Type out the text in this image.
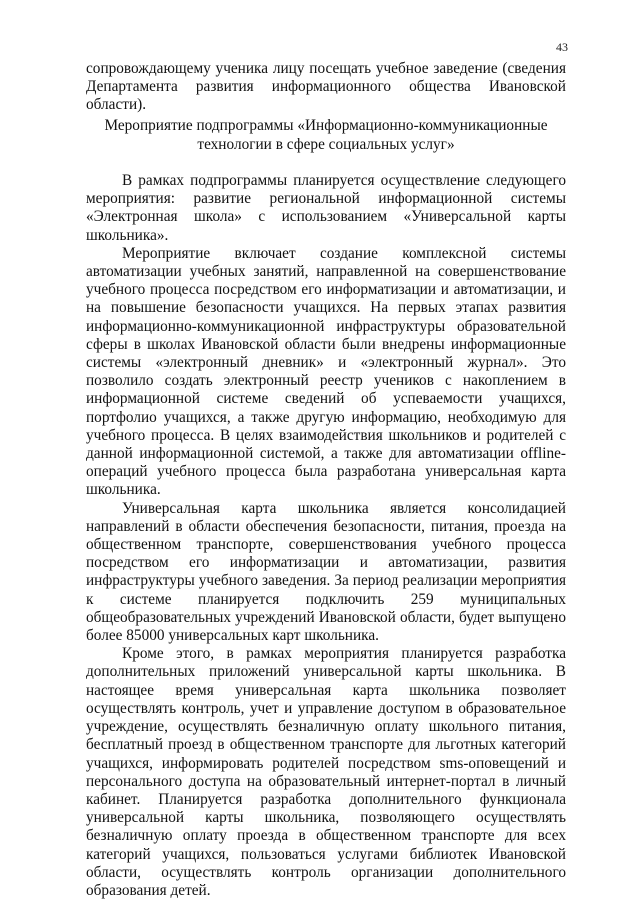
43

сопровождающему ученика лицу посещать учебное заведение (сведения Департамента развития информационного общества Ивановской области).

Мероприятие подпрограммы «Информационно-коммуникационные
технологии в сфере социальных услуг»

В рамках подпрограммы планируется осуществление следующего мероприятия: развитие региональной информационной системы «Электронная школа» с использованием «Универсальной карты школьника».

Мероприятие включает создание комплексной системы автоматизации учебных занятий, направленной на совершенствование учебного процесса посредством его информатизации и автоматизации, и на повышение безопасности учащихся. На первых этапах развития информационно-коммуникационной инфраструктуры образовательной сферы в школах Ивановской области были внедрены информационные системы «электронный дневник» и «электронный журнал». Это позволило создать электронный реестр учеников с накоплением в информационной системе сведений об успеваемости учащихся, портфолио учащихся, а также другую информацию, необходимую для учебного процесса. В целях взаимодействия школьников и родителей с данной информационной системой, а также для автоматизации offline-операций учебного процесса была разработана универсальная карта школьника.

Универсальная карта школьника является консолидацией направлений в области обеспечения безопасности, питания, проезда на общественном транспорте, совершенствования учебного процесса посредством его информатизации и автоматизации, развития инфраструктуры учебного заведения. За период реализации мероприятия к системе планируется подключить 259 муниципальных общеобразовательных учреждений Ивановской области, будет выпущено более 85000 универсальных карт школьника.

Кроме этого, в рамках мероприятия планируется разработка дополнительных приложений универсальной карты школьника. В настоящее время универсальная карта школьника позволяет осуществлять контроль, учет и управление доступом в образовательное учреждение, осуществлять безналичную оплату школьного питания, бесплатный проезд в общественном транспорте для льготных категорий учащихся, информировать родителей посредством sms-оповещений и персонального доступа на образовательный интернет-портал в личный кабинет. Планируется разработка дополнительного функционала универсальной карты школьника, позволяющего осуществлять безналичную оплату проезда в общественном транспорте для всех категорий учащихся, пользоваться услугами библиотек Ивановской области, осуществлять контроль организации дополнительного образования детей.
